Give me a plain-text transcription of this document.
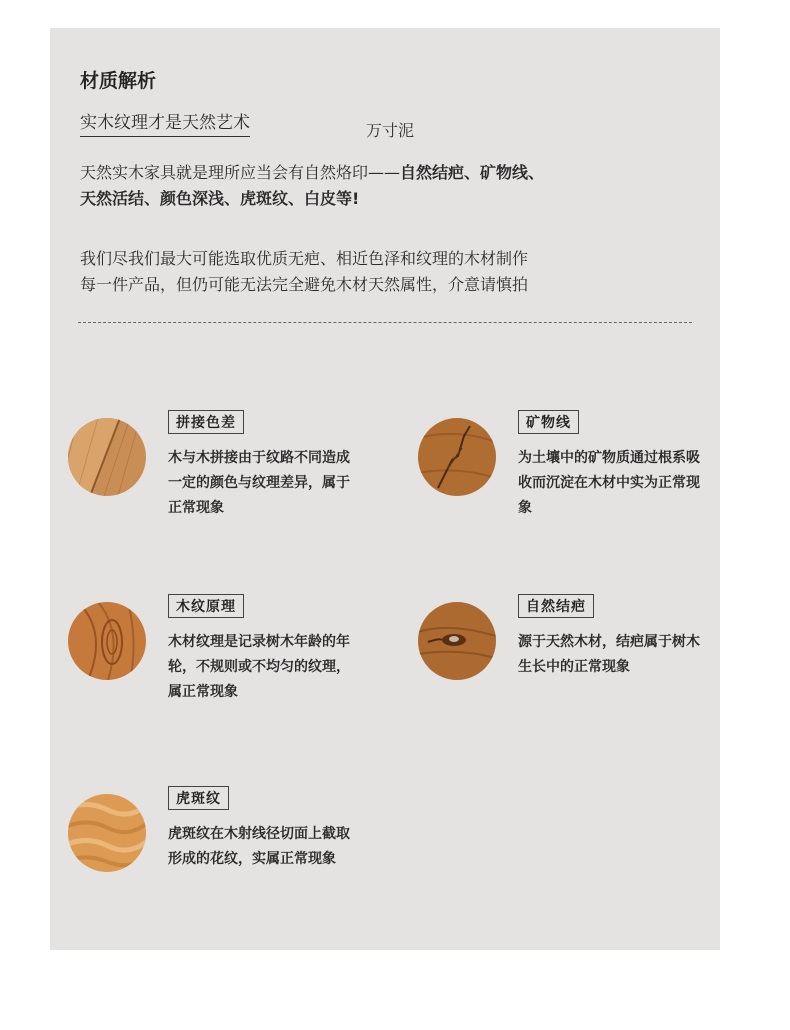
材质解析
实木纹理才是天然艺术	万寸泥
天然实木家具就是理所应当会有自然烙印——自然结疤、矿物线、
天然活结、颜色深浅、虎斑纹、白皮等!
我们尽我们最大可能选取优质无疤、相近色泽和纹理的木材制作
每一件产品，但仍可能无法完全避免木材天然属性，介意请慎拍
拼接色差
木与木拼接由于纹路不同造成一定的颜色与纹理差异，属于正常现象
矿物线
为土壤中的矿物质通过根系吸收而沉淀在木材中实为正常现象
木纹原理
木材纹理是记录树木年龄的年轮，不规则或不均匀的纹理，属正常现象
自然结疤
源于天然木材，结疤属于树木生长中的正常现象
虎斑纹
虎斑纹在木射线径切面上截取形成的花纹，实属正常现象
